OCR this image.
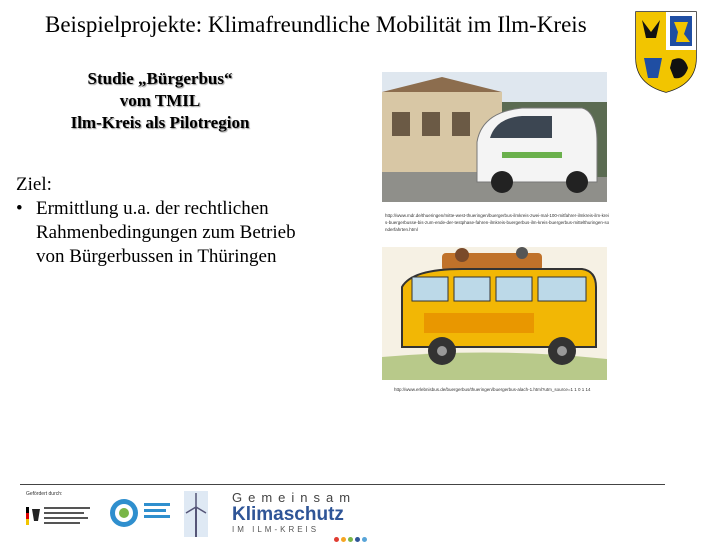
Beispielprojekte: Klimafreundliche Mobilität im Ilm-Kreis
Studie „Bürgerbus“
vom TMIL
Ilm-Kreis als Pilotregion
Ziel:
• Ermittlung u.a. der rechtlichen Rahmenbedingungen zum Betrieb von Bürgerbussen in Thüringen
http://www.mdr.de/thueringen/mitte-west-thueringen/buergerbus-ilmkreis-zwei-mal-100-mitfahrer-ilmkreis-ilm-kreis-buergerbusse-bis-zum-ende-der-testphase-fahren-ilmkreis-buergerbus-ilm-kreis-buergerbus-mittelthuringen-sonderfahrten.html
http://www.erlebnisbus.de/buergerbus/thueringen/buergerbus-alach-1.html?utm_source=1 1 0 1 14
Gefördert durch:	Gemeinsam
Klimaschutz
IM ILM-KREIS
